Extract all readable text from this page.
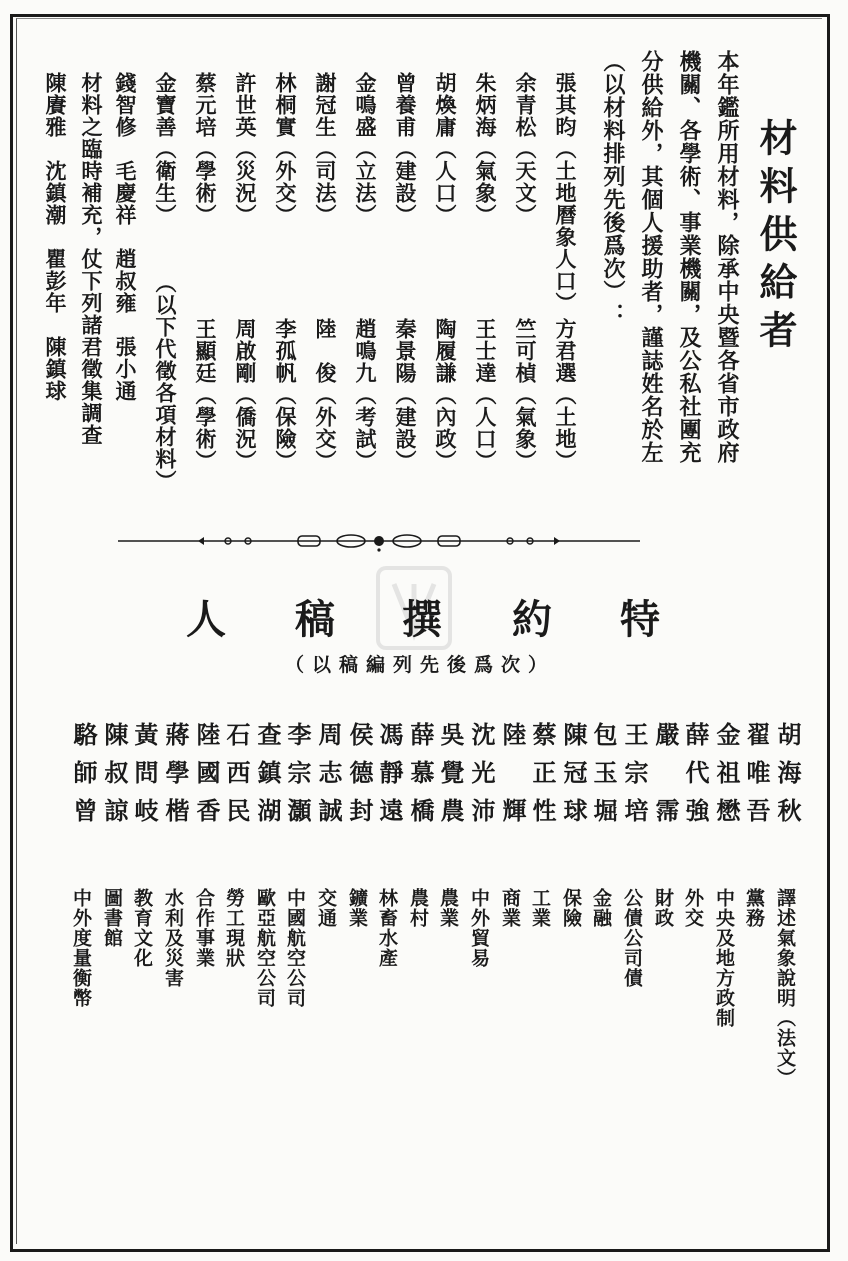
材料供給者
本年鑑所用材料，除承中央暨各省市政府
機關、各學術、事業機關，及公私社團充
分供給外，其個人援助者，謹誌姓名於左
（以材料排列先後爲次）：
張其昀（土地曆象人口）
方君選（土地）
余青松（天文）
竺可楨（氣象）
朱炳海（氣象）
王士達（人口）
胡煥庸（人口）
陶履謙（內政）
曾養甫（建設）
秦景陽（建設）
金鳴盛（立法）
趙鳴九（考試）
謝冠生（司法）
陸　俊（外交）
林桐實（外交）
李孤帆（保險）
許世英（災況）
周啟剛（僑況）
蔡元培（學術）
王顯廷（學術）
金寶善（衛生）
（以下代徵各項材料）
錢智修　毛慶祥　趙叔雍　張小通
材料之臨時補充，仗下列諸君徵集調查
陳賡雅　沈鎮潮　瞿彭年　陳鎮球
特
約
撰
稿
人
（以稿編列先後爲次）
胡海秋
譯述氣象說明（法文）
翟唯吾
黨務
金祖懋
中央及地方政制
薛代強
外交
嚴　霈
財政
王宗培
公債公司債
包玉堀
金融
陳冠球
保險
蔡正性
工業
陸　輝
商業
沈光沛
中外貿易
吳覺農
農業
薛慕橋
農村
馮靜遠
林畜水產
侯德封
鑛業
周志誠
交通
李宗灝
中國航空公司
查鎮湖
歐亞航空公司
石西民
勞工現狀
陸國香
合作事業
蔣學楷
水利及災害
黃問岐
教育文化
陳叔諒
圖書館
駱師曾
中外度量衡幣
